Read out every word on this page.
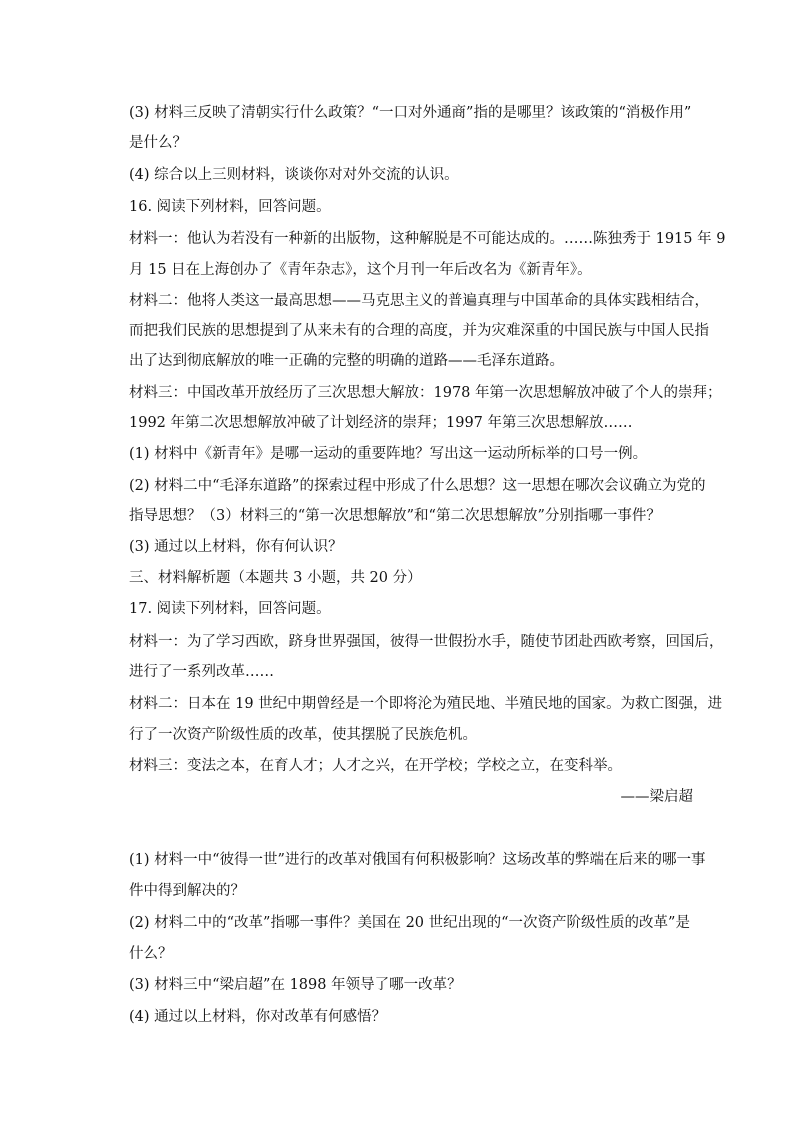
(3) 材料三反映了清朝实行什么政策？“一口对外通商”指的是哪里？该政策的“消极作用”
是什么？
(4) 综合以上三则材料，谈谈你对对外交流的认识。
16. 阅读下列材料，回答问题。
材料一：他认为若没有一种新的出版物，这种解脱是不可能达成的。……陈独秀于 1915 年 9
月 15 日在上海创办了《青年杂志》，这个月刊一年后改名为《新青年》。
材料二：他将人类这一最高思想——马克思主义的普遍真理与中国革命的具体实践相结合，
而把我们民族的思想提到了从来未有的合理的高度，并为灾难深重的中国民族与中国人民指
出了达到彻底解放的唯一正确的完整的明确的道路——毛泽东道路。
材料三：中国改革开放经历了三次思想大解放：1978 年第一次思想解放冲破了个人的崇拜；
1992 年第二次思想解放冲破了计划经济的崇拜；1997 年第三次思想解放……
(1) 材料中《新青年》是哪一运动的重要阵地？写出这一运动所标举的口号一例。
(2) 材料二中“毛泽东道路”的探索过程中形成了什么思想？这一思想在哪次会议确立为党的
指导思想？（3）材料三的“第一次思想解放”和“第二次思想解放”分别指哪一事件？
(3) 通过以上材料，你有何认识？
三、材料解析题（本题共 3 小题，共 20 分）
17. 阅读下列材料，回答问题。
材料一：为了学习西欧，跻身世界强国，彼得一世假扮水手，随使节团赴西欧考察，回国后，
进行了一系列改革……
材料二：日本在 19 世纪中期曾经是一个即将沦为殖民地、半殖民地的国家。为救亡图强，进
行了一次资产阶级性质的改革，使其摆脱了民族危机。
材料三：变法之本，在育人才；人才之兴，在开学校；学校之立，在变科举。
——梁启超
(1) 材料一中“彼得一世”进行的改革对俄国有何积极影响？这场改革的弊端在后来的哪一事
件中得到解决的？
(2) 材料二中的“改革”指哪一事件？美国在 20 世纪出现的“一次资产阶级性质的改革”是
什么？
(3) 材料三中“梁启超”在 1898 年领导了哪一改革？
(4) 通过以上材料，你对改革有何感悟？
